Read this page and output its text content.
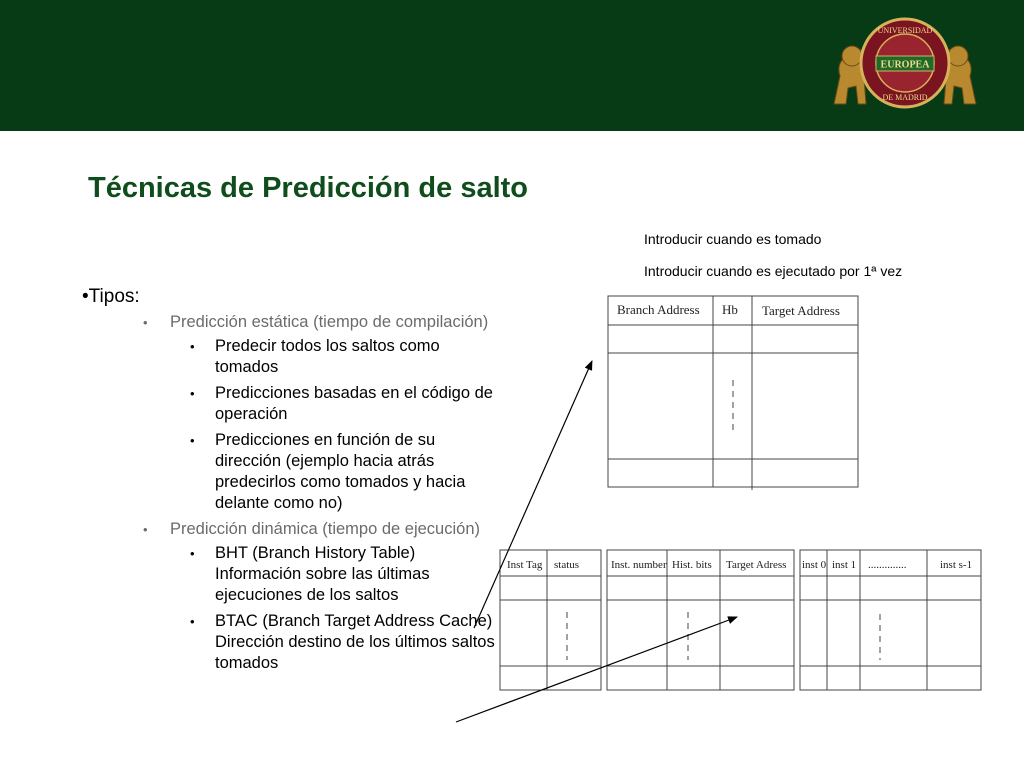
UNIVERSIDAD
EUROPEA
DE MADRID
Técnicas de Predicción de salto
Introducir cuando es tomado
Introducir cuando es ejecutado por 1ª vez
•Tipos:
• Predicción estática (tiempo de compilación)
• Predecir todos los saltos como tomados
• Predicciones basadas en el código de operación
• Predicciones en función de su dirección (ejemplo hacia atrás predecirlos como tomados y hacia delante como no)
• Predicción dinámica (tiempo de ejecución)
• BHT (Branch History Table) Información sobre las últimas ejecuciones de los saltos
• BTAC (Branch Target Address Cache) Dirección destino de los últimos saltos tomados
Branch Address Hb Target Address
Inst Tag status	Inst. number Hist. bits Target Adress inst 0 inst 1 ..............	inst s-1
